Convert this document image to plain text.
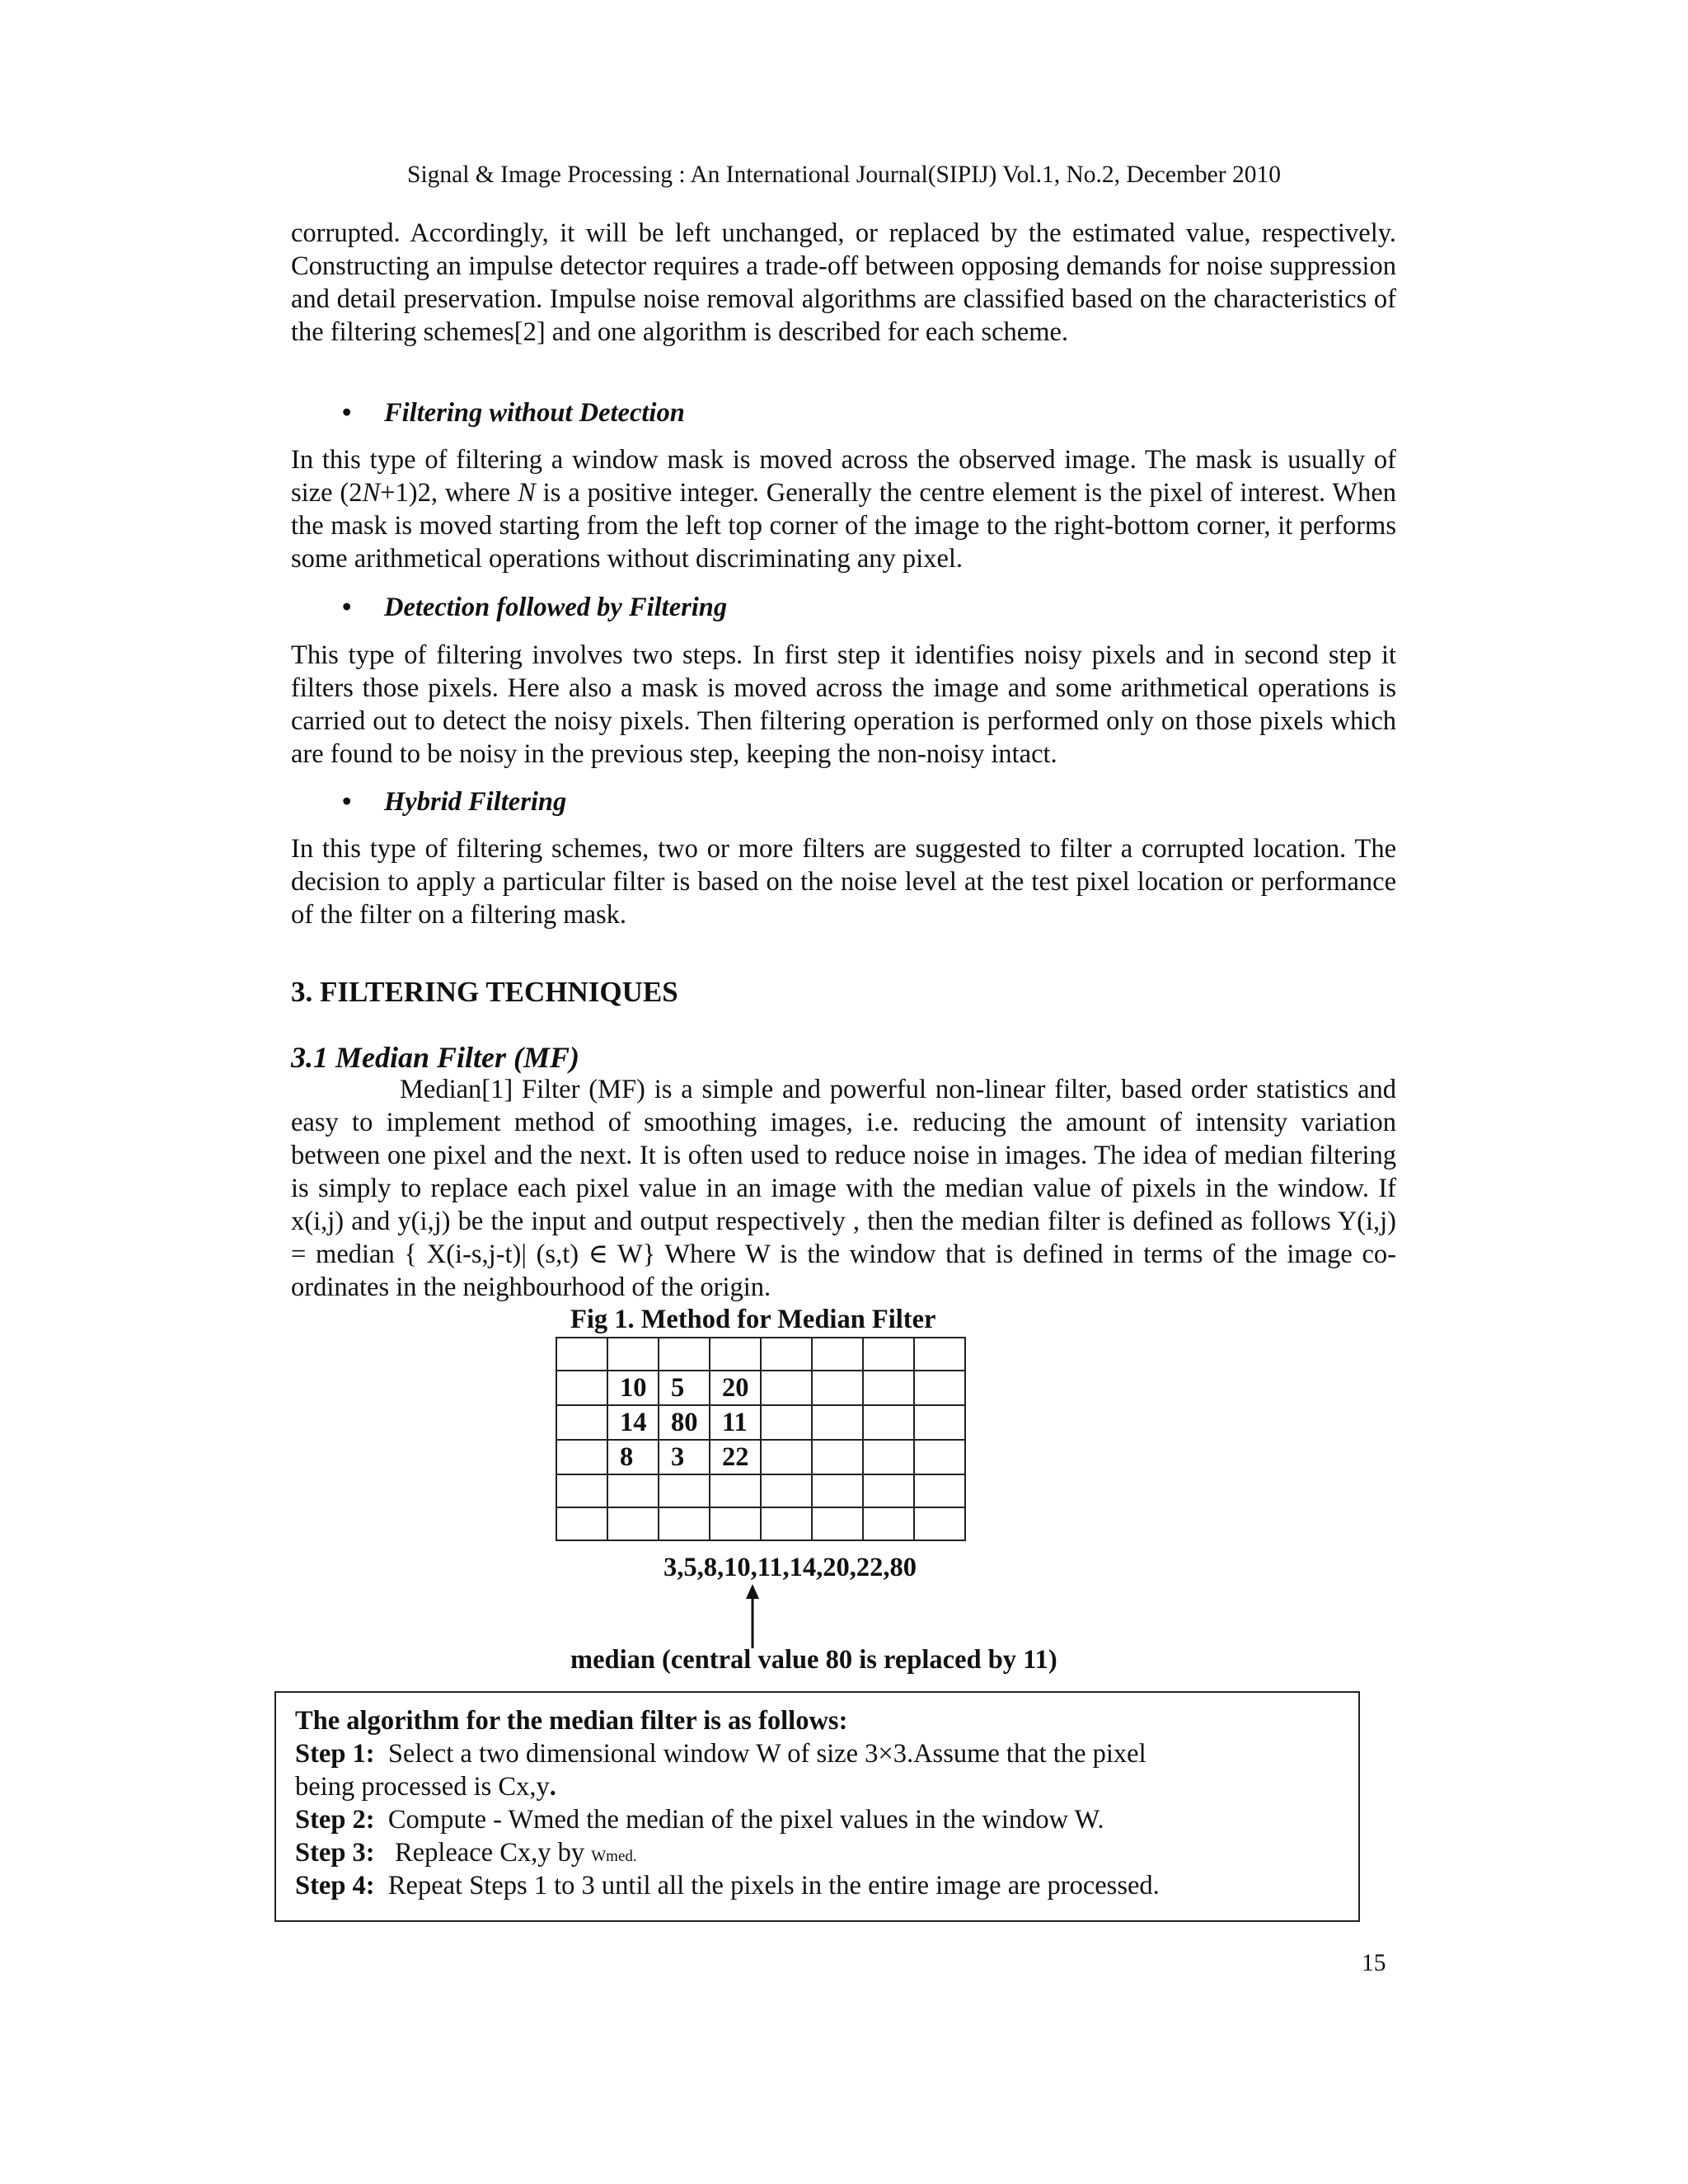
Signal & Image Processing : An International Journal(SIPIJ) Vol.1, No.2, December 2010

corrupted. Accordingly, it will be left unchanged, or replaced by the estimated value, respectively. Constructing an impulse detector requires a trade-off between opposing demands for noise suppression and detail preservation. Impulse noise removal algorithms are classified based on the characteristics of the filtering schemes[2] and one algorithm is described for each scheme.

• Filtering without Detection

In this type of filtering a window mask is moved across the observed image. The mask is usually of size (2N+1)2, where N is a positive integer. Generally the centre element is the pixel of interest. When the mask is moved starting from the left top corner of the image to the right-bottom corner, it performs some arithmetical operations without discriminating any pixel.

• Detection followed by Filtering

This type of filtering involves two steps. In first step it identifies noisy pixels and in second step it filters those pixels. Here also a mask is moved across the image and some arithmetical operations is carried out to detect the noisy pixels. Then filtering operation is performed only on those pixels which are found to be noisy in the previous step, keeping the non-noisy intact.

• Hybrid Filtering

In this type of filtering schemes, two or more filters are suggested to filter a corrupted location. The decision to apply a particular filter is based on the noise level at the test pixel location or performance of the filter on a filtering mask.

3. FILTERING TECHNIQUES
3.1 Median Filter (MF)

Median[1] Filter (MF) is a simple and powerful non-linear filter, based order statistics and easy to implement method of smoothing images, i.e. reducing the amount of intensity variation between one pixel and the next. It is often used to reduce noise in images. The idea of median filtering is simply to replace each pixel value in an image with the median value of pixels in the window. If x(i,j) and y(i,j) be the input and output respectively , then the median filter is defined as follows Y(i,j) = median { X(i-s,j-t)| (s,t) ∈ W} Where W is the window that is defined in terms of the image co-ordinates in the neighbourhood of the origin.

Fig 1. Method for Median Filter

	10	5	20				
	14	80	11				
	8	3	22				

3,5,8,10,11,14,20,22,80
median (central value 80 is replaced by 11)
The algorithm for the median filter is as follows:
Step 1: Select a two dimensional window W of size 3×3.Assume that the pixel
being processed is Cx,y.
Step 2: Compute - Wmed the median of the pixel values in the window W.
Step 3: Repleace Cx,y by Wmed.
Step 4: Repeat Steps 1 to 3 until all the pixels in the entire image are processed.
15
